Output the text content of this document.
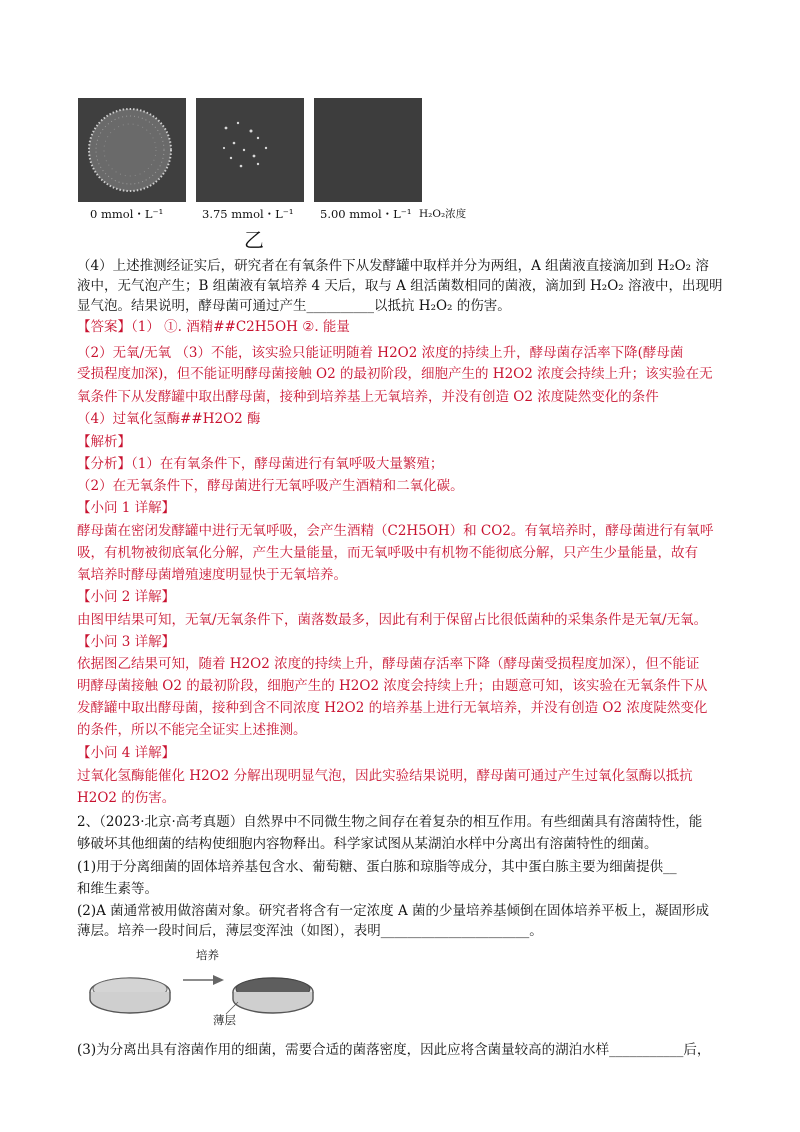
0 mmol・L⁻¹	3.75 mmol・L⁻¹ 5.00 mmol・L⁻¹ H₂O₂浓度
乙
（4）上述推测经证实后，研究者在有氧条件下从发酵罐中取样并分为两组，A 组菌液直接滴加到 H₂O₂ 溶
液中，无气泡产生；B 组菌液有氧培养 4 天后，取与 A 组活菌数相同的菌液，滴加到 H₂O₂ 溶液中，出现明
显气泡。结果说明，酵母菌可通过产生__________以抵抗 H₂O₂ 的伤害。
【答案】（1） ①. 酒精##C2H5OH ②. 能量
（2）无氧/无氧 （3）不能，该实验只能证明随着 H2O2 浓度的持续上升，酵母菌存活率下降(酵母菌
受损程度加深)，但不能证明酵母菌接触 O2 的最初阶段，细胞产生的 H2O2 浓度会持续上升；该实验在无
氧条件下从发酵罐中取出酵母菌，接种到培养基上无氧培养，并没有创造 O2 浓度陡然变化的条件
（4）过氧化氢酶##H2O2 酶
【解析】
【分析】（1）在有氧条件下，酵母菌进行有氧呼吸大量繁殖；
（2）在无氧条件下，酵母菌进行无氧呼吸产生酒精和二氧化碳。
【小问 1 详解】
酵母菌在密闭发酵罐中进行无氧呼吸，会产生酒精（C2H5OH）和 CO2。有氧培养时，酵母菌进行有氧呼
吸，有机物被彻底氧化分解，产生大量能量，而无氧呼吸中有机物不能彻底分解，只产生少量能量，故有
氧培养时酵母菌增殖速度明显快于无氧培养。
【小问 2 详解】
由图甲结果可知，无氧/无氧条件下，菌落数最多，因此有利于保留占比很低菌种的采集条件是无氧/无氧。
【小问 3 详解】
依据图乙结果可知，随着 H2O2 浓度的持续上升，酵母菌存活率下降（酵母菌受损程度加深），但不能证
明酵母菌接触 O2 的最初阶段，细胞产生的 H2O2 浓度会持续上升；由题意可知，该实验在无氧条件下从
发酵罐中取出酵母菌，接种到含不同浓度 H2O2 的培养基上进行无氧培养，并没有创造 O2 浓度陡然变化
的条件，所以不能完全证实上述推测。
【小问 4 详解】
过氧化氢酶能催化 H2O2 分解出现明显气泡，因此实验结果说明，酵母菌可通过产生过氧化氢酶以抵抗
H2O2 的伤害。
2、（2023·北京·高考真题）自然界中不同微生物之间存在着复杂的相互作用。有些细菌具有溶菌特性，能
够破坏其他细菌的结构使细胞内容物释出。科学家试图从某湖泊水样中分离出有溶菌特性的细菌。
(1)用于分离细菌的固体培养基包含水、葡萄糖、蛋白胨和琼脂等成分，其中蛋白胨主要为细菌提供__
和维生素等。
(2)A 菌通常被用做溶菌对象。研究者将含有一定浓度 A 菌的少量培养基倾倒在固体培养平板上，凝固形成
薄层。培养一段时间后，薄层变浑浊（如图），表明______________________。
培养
薄层
(3)为分离出具有溶菌作用的细菌，需要合适的菌落密度，因此应将含菌量较高的湖泊水样___________后，
